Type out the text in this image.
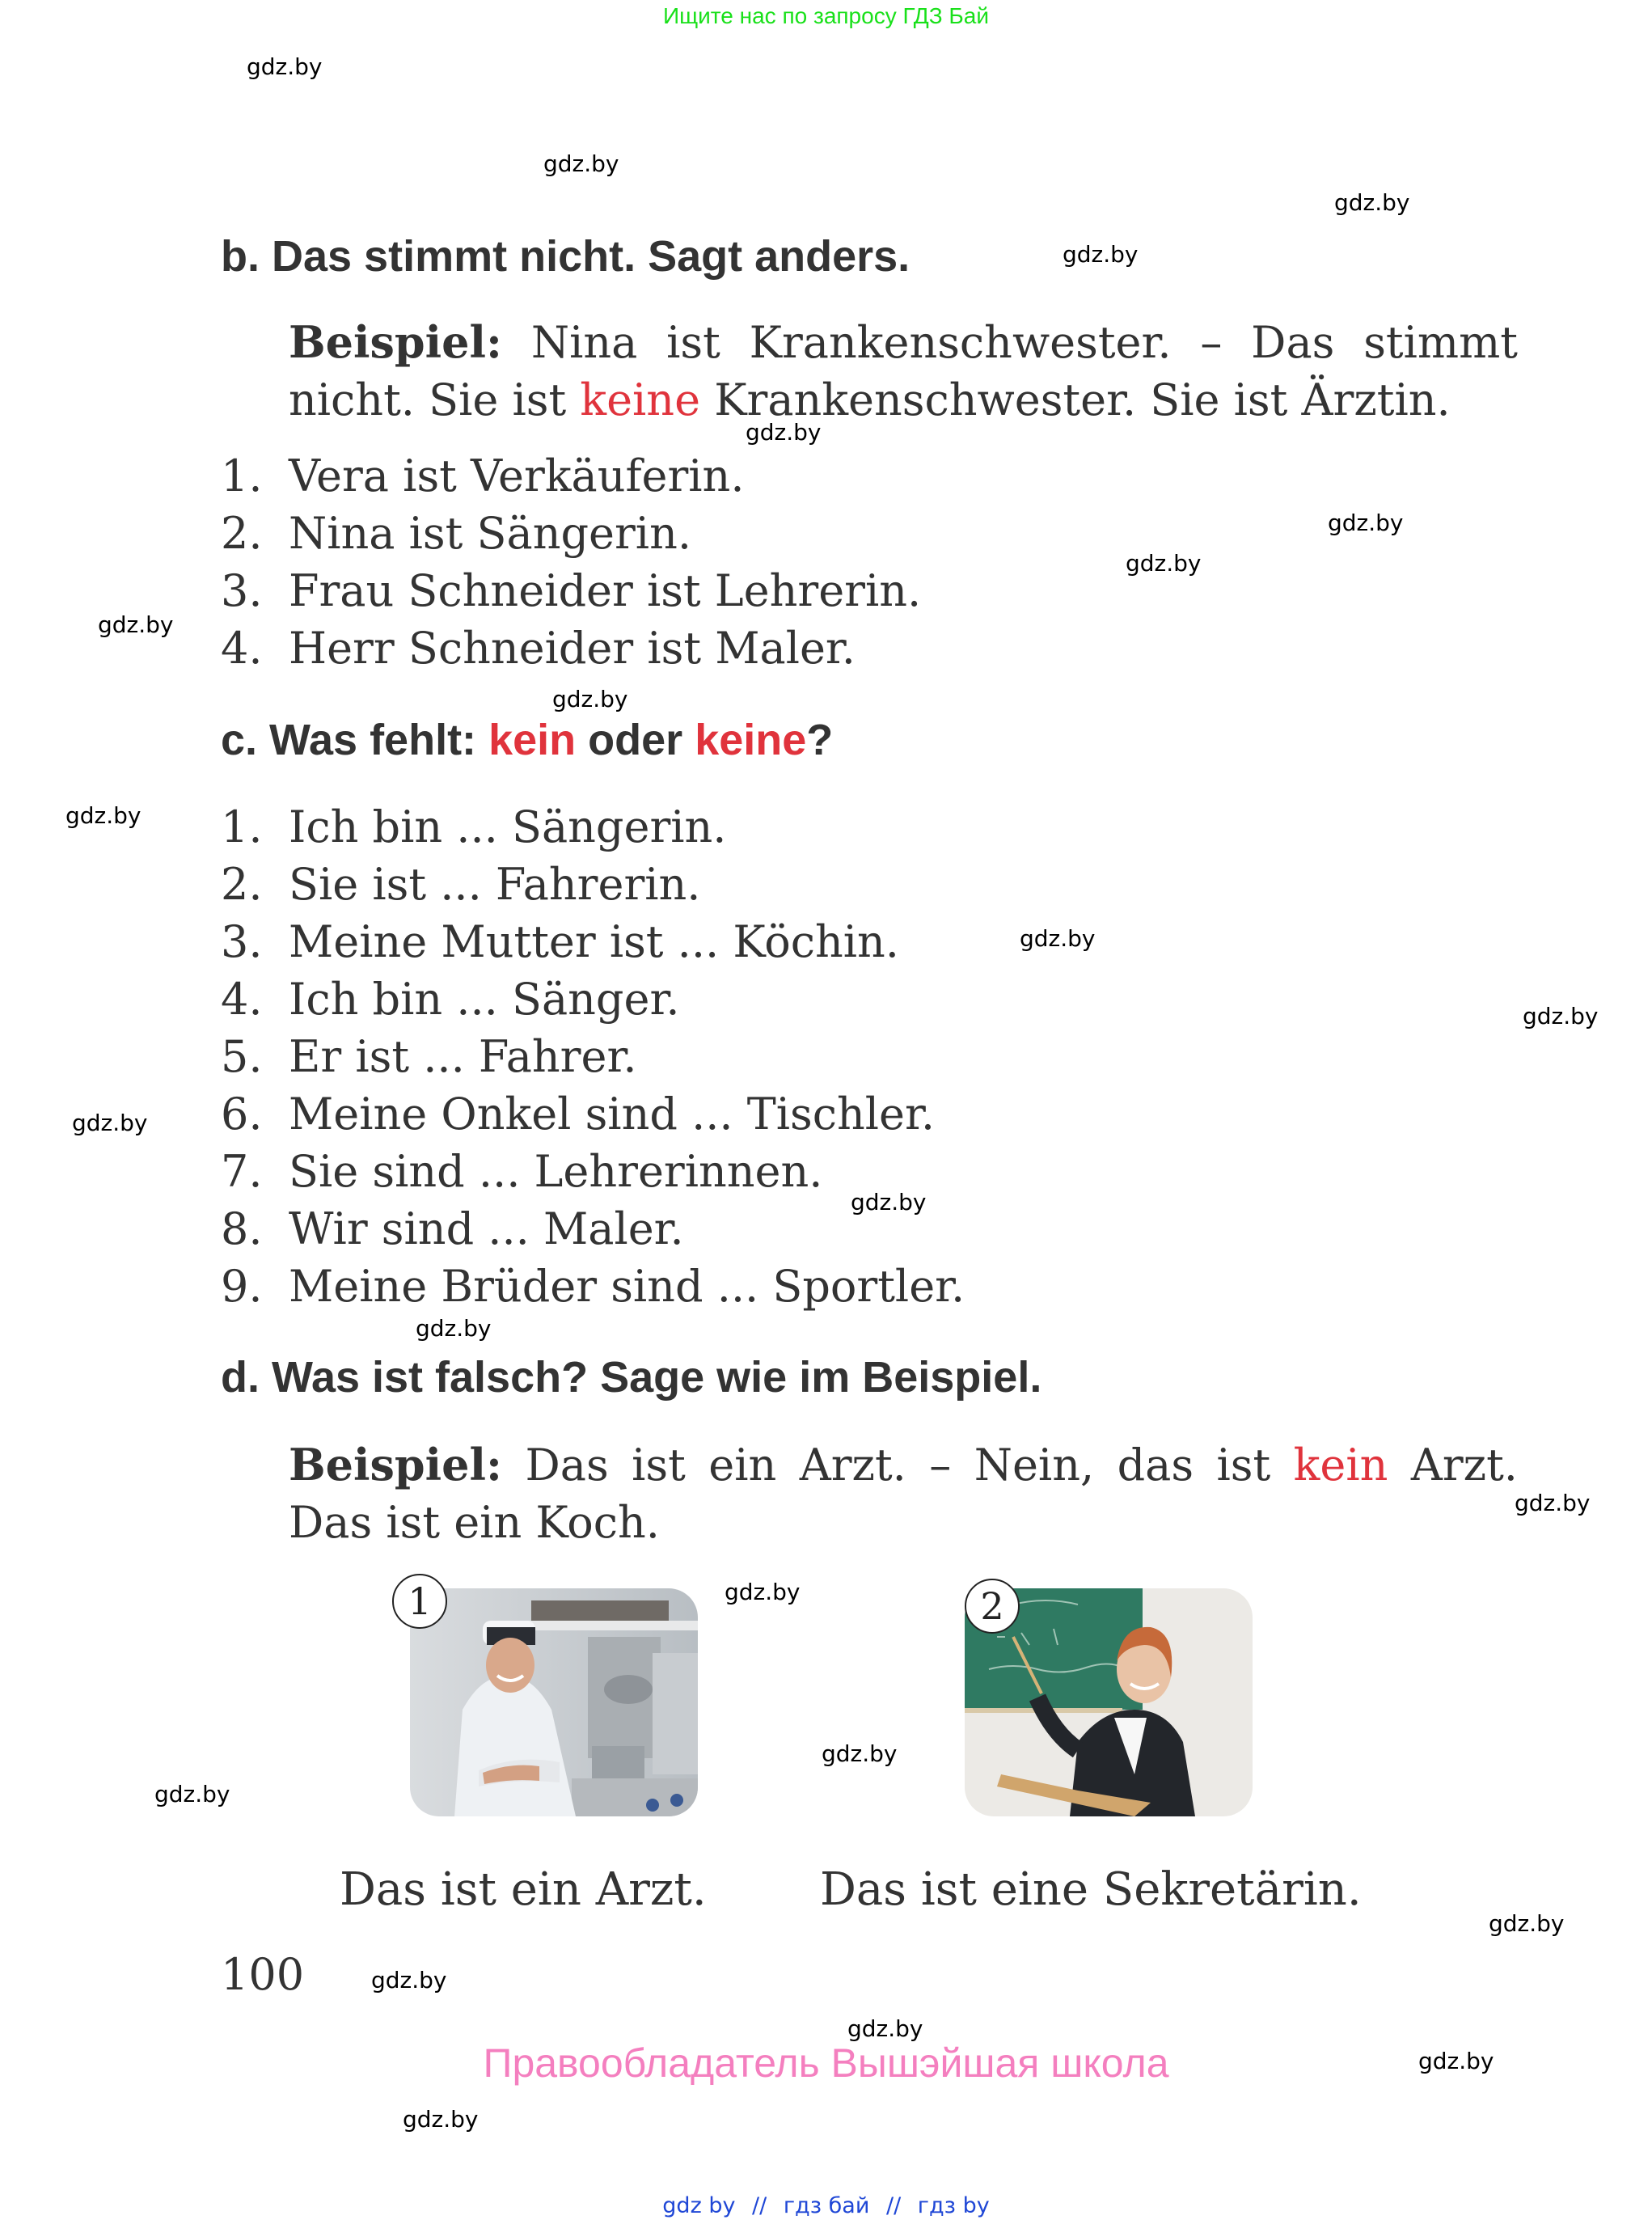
Ищите нас по запросу ГДЗ Бай
gdz.by
gdz.by
gdz.by
gdz.by
gdz.by
gdz.by
gdz.by
gdz.by
gdz.by
gdz.by
gdz.by
gdz.by
gdz.by
gdz.by
gdz.by
gdz.by
gdz.by
gdz.by
gdz.by
gdz.by
gdz.by
gdz.by
gdz.by
gdz.by
b. Das stimmt nicht. Sagt anders.
Beispiel: Nina ist Krankenschwester. – Das stimmt nicht. Sie ist keine Krankenschwester. Sie ist Ärztin.
1. Vera ist Verkäuferin.
2. Nina ist Sängerin.
3. Frau Schneider ist Lehrerin.
4. Herr Schneider ist Maler.
c. Was fehlt: kein oder keine?
1. Ich bin ... Sängerin.
2. Sie ist ... Fahrerin.
3. Meine Mutter ist ... Köchin.
4. Ich bin ... Sänger.
5. Er ist ... Fahrer.
6. Meine Onkel sind ... Tischler.
7. Sie sind ... Lehrerinnen.
8. Wir sind ... Maler.
9. Meine Brüder sind ... Sportler.
d. Was ist falsch? Sage wie im Beispiel.
Beispiel: Das ist ein Arzt. – Nein, das ist kein Arzt. Das ist ein Koch.
1	2
Das ist ein Arzt.	Das ist eine Sekretärin.
100
Правообладатель Вышэйшая школа
gdz by // гдз бай // гдз by
